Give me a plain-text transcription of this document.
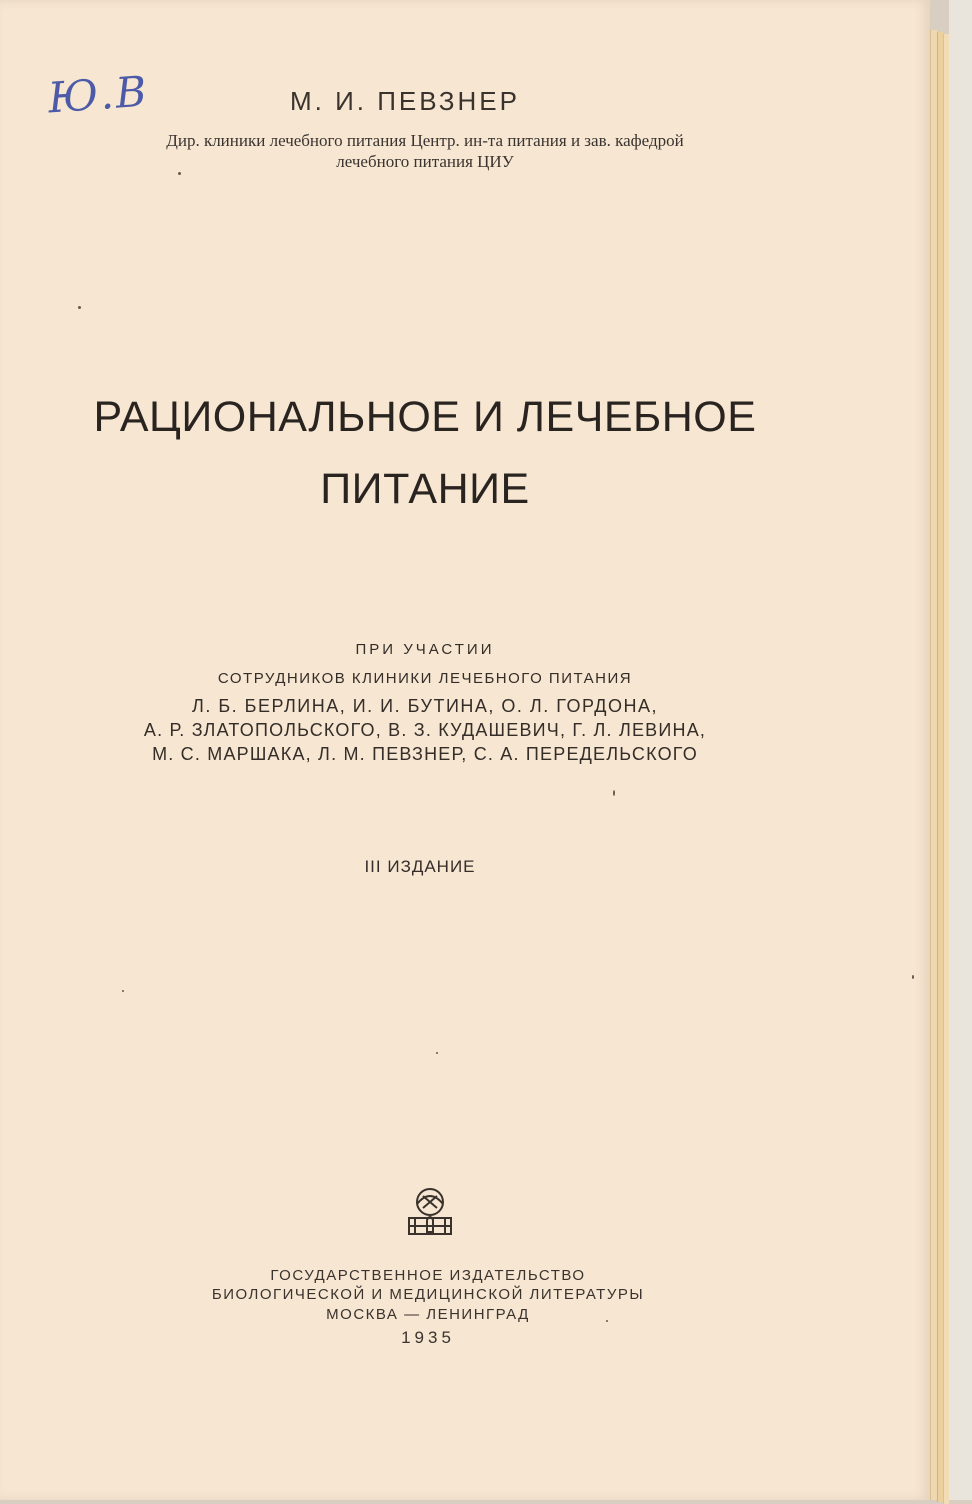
Ю.В	М. И. ПЕВЗНЕР
Дир. клиники лечебного питания Центр. ин-та питания и зав. кафедрой
лечебного питания ЦИУ
РАЦИОНАЛЬНОЕ И ЛЕЧЕБНОЕ
ПИТАНИЕ
ПРИ УЧАСТИИ
СОТРУДНИКОВ КЛИНИКИ ЛЕЧЕБНОГО ПИТАНИЯ
Л. Б. БЕРЛИНА, И. И. БУТИНА, О. Л. ГОРДОНА,
А. Р. ЗЛАТОПОЛЬСКОГО, В. З. КУДАШЕВИЧ, Г. Л. ЛЕВИНА,
М. С. МАРШАКА, Л. М. ПЕВЗНЕР, С. А. ПЕРЕДЕЛЬСКОГО
III ИЗДАНИЕ
ГОСУДАРСТВЕННОЕ ИЗДАТЕЛЬСТВО
БИОЛОГИЧЕСКОЙ И МЕДИЦИНСКОЙ ЛИТЕРАТУРЫ
МОСКВА — ЛЕНИНГРАД
1935
